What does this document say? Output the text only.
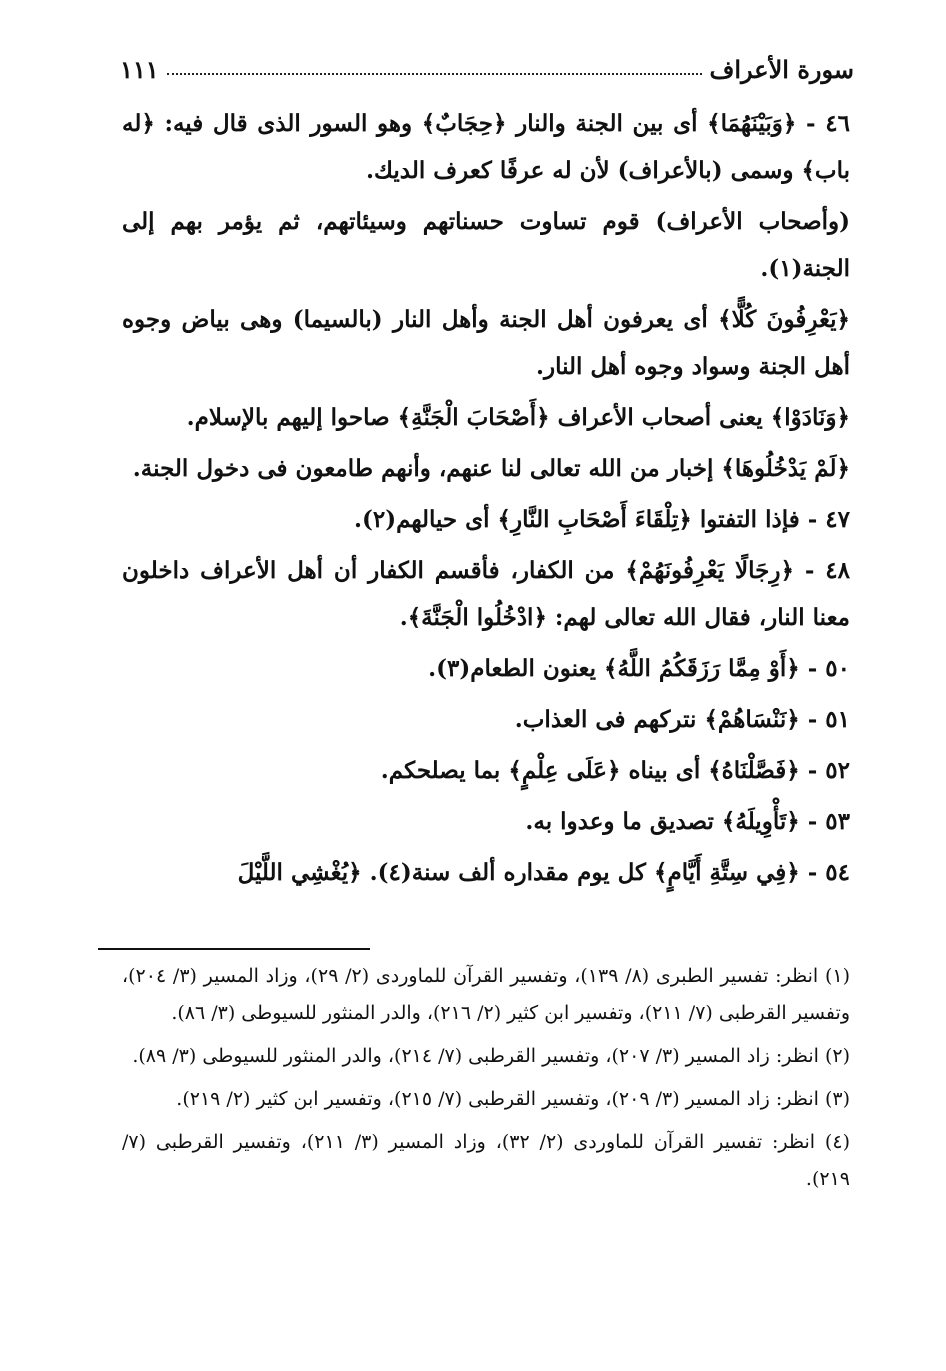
سورة الأعراف
١١١

٤٦ - ﴿وَبَيْنَهُمَا﴾ أى بين الجنة والنار ﴿حِجَابٌ﴾ وهو السور الذى قال فيه: ﴿له باب﴾ وسمى (بالأعراف) لأن له عرفًا كعرف الديك.

(وأصحاب الأعراف) قوم تساوت حسناتهم وسيئاتهم، ثم يؤمر بهم إلى الجنة(١).

﴿يَعْرِفُونَ كُلًّا﴾ أى يعرفون أهل الجنة وأهل النار (بالسيما) وهى بياض وجوه أهل الجنة وسواد وجوه أهل النار.

﴿وَنَادَوْا﴾ يعنى أصحاب الأعراف ﴿أَصْحَابَ الْجَنَّةِ﴾ صاحوا إليهم بالإسلام.

﴿لَمْ يَدْخُلُوهَا﴾ إخبار من الله تعالى لنا عنهم، وأنهم طامعون فى دخول الجنة.

٤٧ - فإذا التفتوا ﴿تِلْقَاءَ أَصْحَابِ النَّارِ﴾ أى حيالهم(٢).

٤٨ - ﴿رِجَالًا يَعْرِفُونَهُمْ﴾ من الكفار، فأقسم الكفار أن أهل الأعراف داخلون معنا النار، فقال الله تعالى لهم: ﴿ادْخُلُوا الْجَنَّةَ﴾.

٥٠ - ﴿أَوْ مِمَّا رَزَقَكُمُ اللَّهُ﴾ يعنون الطعام(٣).

٥١ - ﴿نَنْسَاهُمْ﴾ نتركهم فى العذاب.

٥٢ - ﴿فَصَّلْنَاهُ﴾ أى بيناه ﴿عَلَى عِلْمٍ﴾ بما يصلحكم.

٥٣ - ﴿تَأْوِيلَهُ﴾ تصديق ما وعدوا به.

٥٤ - ﴿فِي سِتَّةِ أَيَّامٍ﴾ كل يوم مقداره ألف سنة(٤). ﴿يُغْشِي اللَّيْلَ

(١) انظر: تفسير الطبرى (٨/ ١٣٩)، وتفسير القرآن للماوردى (٢/ ٢٩)، وزاد المسير (٣/ ٢٠٤)، وتفسير القرطبى (٧/ ٢١١)، وتفسير ابن كثير (٢/ ٢١٦)، والدر المنثور للسيوطى (٣/ ٨٦).

(٢) انظر: زاد المسير (٣/ ٢٠٧)، وتفسير القرطبى (٧/ ٢١٤)، والدر المنثور للسيوطى (٣/ ٨٩).

(٣) انظر: زاد المسير (٣/ ٢٠٩)، وتفسير القرطبى (٧/ ٢١٥)، وتفسير ابن كثير (٢/ ٢١٩).

(٤) انظر: تفسير القرآن للماوردى (٢/ ٣٢)، وزاد المسير (٣/ ٢١١)، وتفسير القرطبى (٧/ ٢١٩).
